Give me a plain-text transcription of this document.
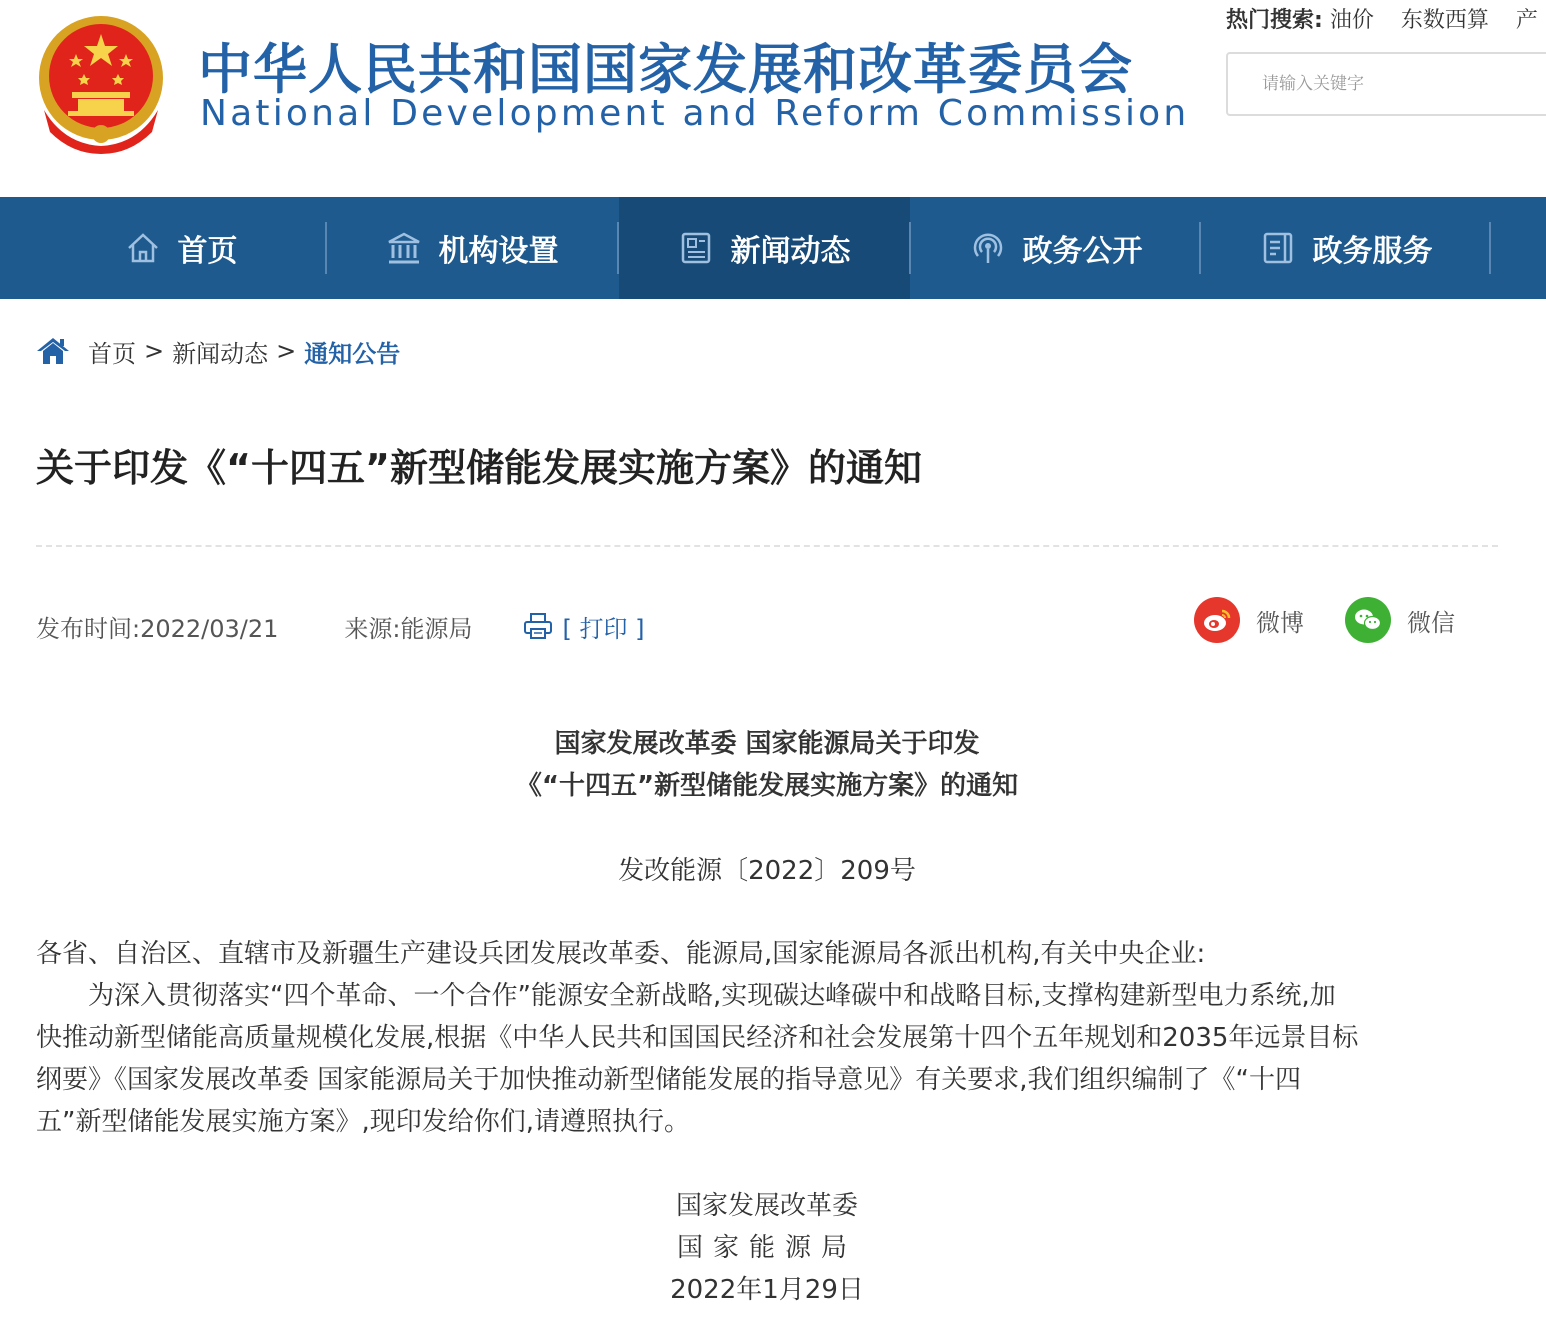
中华人民共和国国家发展和改革委员会
National Development and Reform Commission
热门搜索: 油价 东数西算 产
请输入关键字
首页	机构设置	新闻动态	政务公开	政务服务
首页 > 新闻动态 > 通知公告
关于印发《“十四五”新型储能发展实施方案》的通知
发布时间:2022/03/21	来源:能源局	[ 打印 ]	微博	微信
国家发展改革委 国家能源局关于印发
《“十四五”新型储能发展实施方案》的通知
发改能源〔2022〕209号
各省、自治区、直辖市及新疆生产建设兵团发展改革委、能源局,国家能源局各派出机构,有关中央企业:
　　为深入贯彻落实“四个革命、一个合作”能源安全新战略,实现碳达峰碳中和战略目标,支撑构建新型电力系统,加
快推动新型储能高质量规模化发展,根据《中华人民共和国国民经济和社会发展第十四个五年规划和2035年远景目标
纲要》《国家发展改革委 国家能源局关于加快推动新型储能发展的指导意见》有关要求,我们组织编制了《“十四
五”新型储能发展实施方案》,现印发给你们,请遵照执行。
国家发展改革委
国家能源局
2022年1月29日
